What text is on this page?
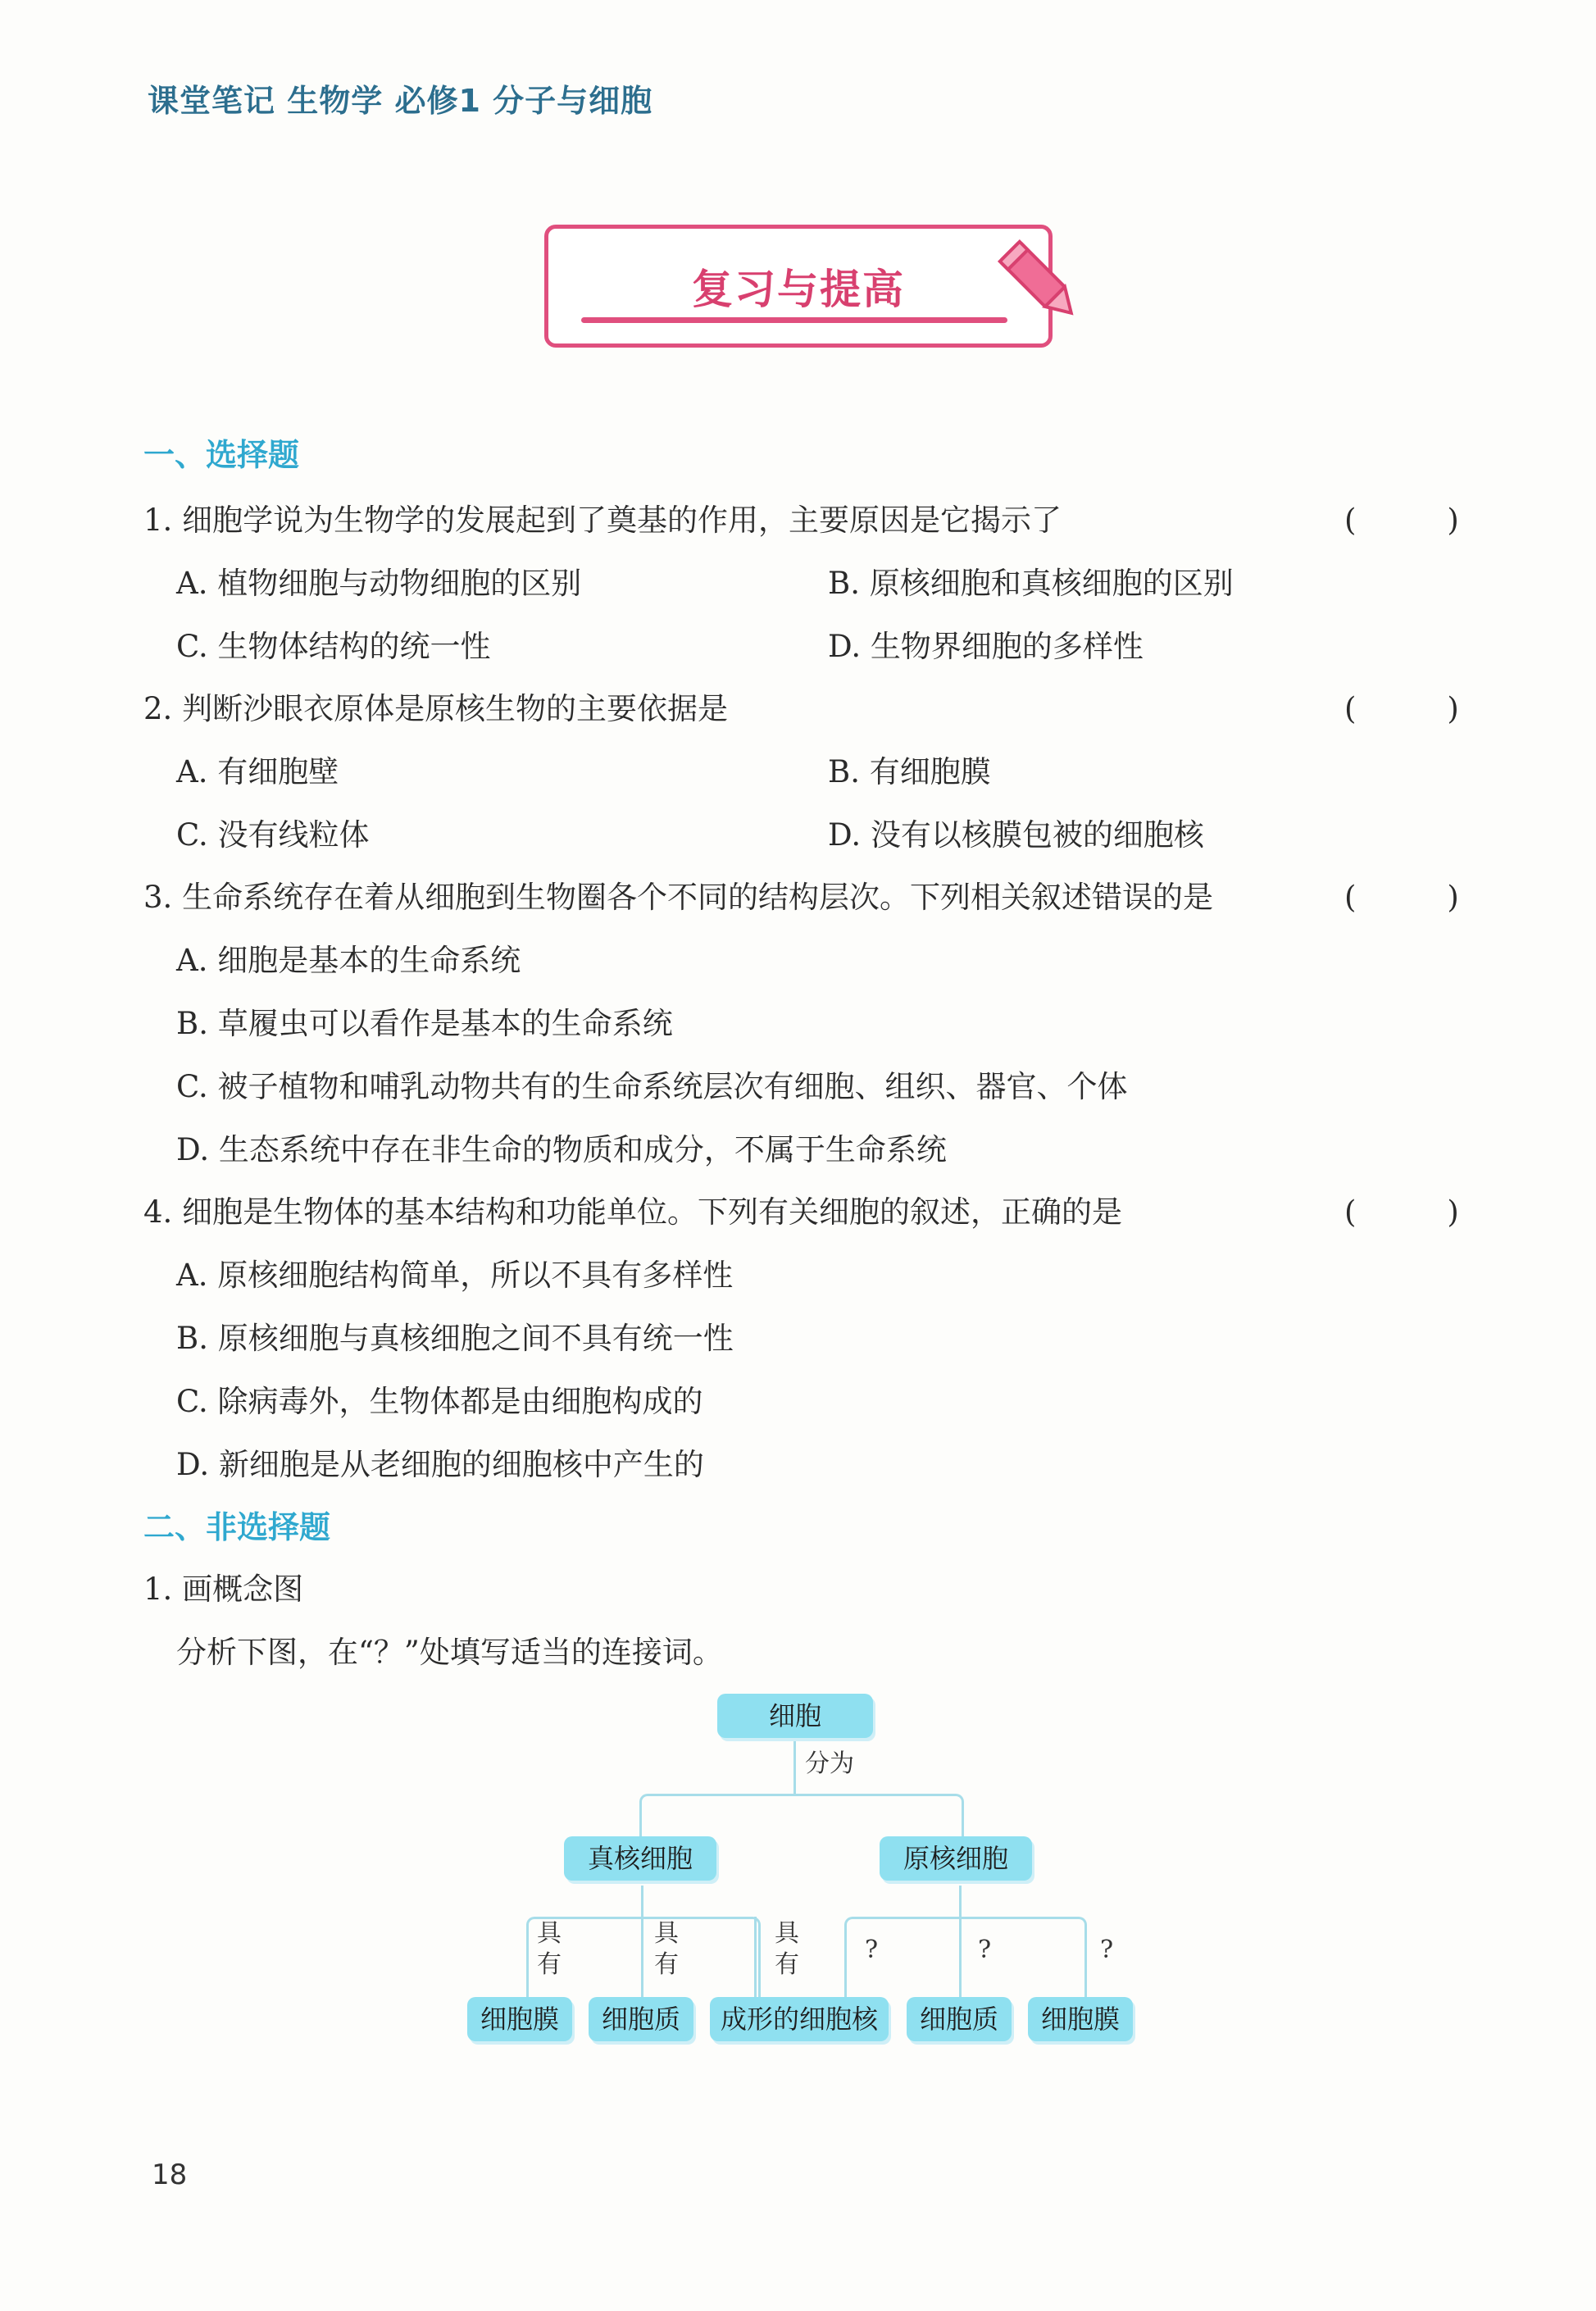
课堂笔记 生物学 必修1 分子与细胞
复习与提高
一、选择题
1. 细胞学说为生物学的发展起到了奠基的作用，主要原因是它揭示了	(　　　)
A. 植物细胞与动物细胞的区别	B. 原核细胞和真核细胞的区别
C. 生物体结构的统一性	D. 生物界细胞的多样性
2. 判断沙眼衣原体是原核生物的主要依据是	(　　　)
A. 有细胞壁	B. 有细胞膜
C. 没有线粒体	D. 没有以核膜包被的细胞核
3. 生命系统存在着从细胞到生物圈各个不同的结构层次。下列相关叙述错误的是	(　　　)
A. 细胞是基本的生命系统
B. 草履虫可以看作是基本的生命系统
C. 被子植物和哺乳动物共有的生命系统层次有细胞、组织、器官、个体
D. 生态系统中存在非生命的物质和成分，不属于生命系统
4. 细胞是生物体的基本结构和功能单位。下列有关细胞的叙述，正确的是	(　　　)
A. 原核细胞结构简单，所以不具有多样性
B. 原核细胞与真核细胞之间不具有统一性
C. 除病毒外，生物体都是由细胞构成的
D. 新细胞是从老细胞的细胞核中产生的
二、非选择题
1. 画概念图
分析下图，在“？”处填写适当的连接词。
细胞
分为
真核细胞	原核细胞
具
有
具
有
具
有
?	?	?
细胞膜	细胞质	成形的细胞核	细胞质	细胞膜
18
